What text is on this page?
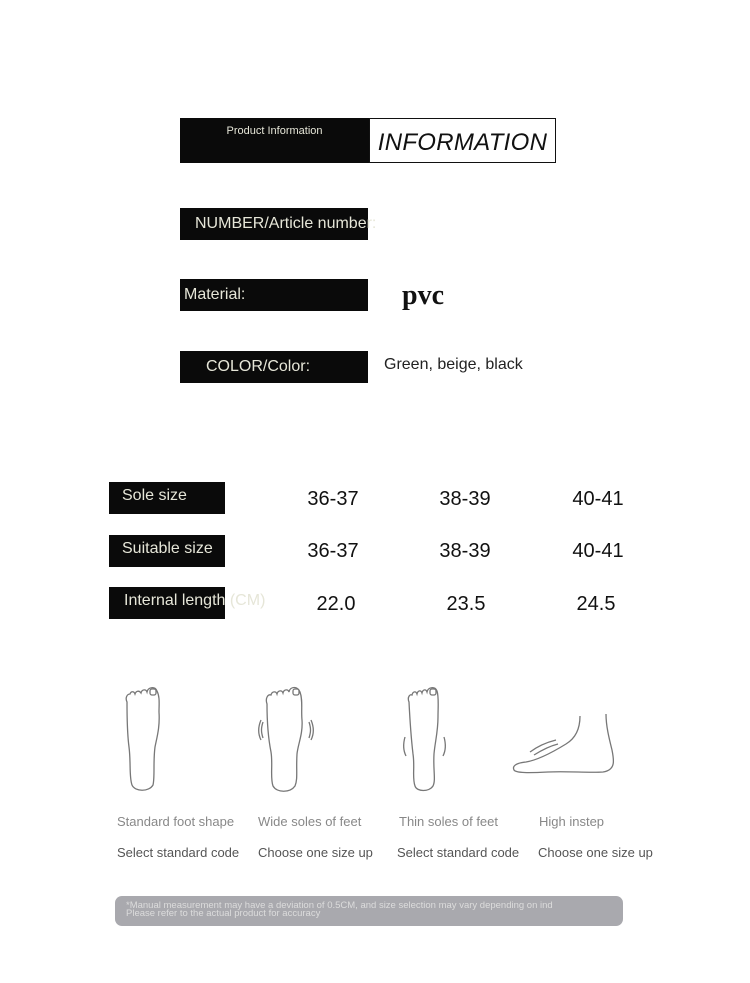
Product Information	INFORMATION
NUMBER/Article number:
Material:	pvc
COLOR/Color:	Green, beige, black
Sole size	36-37	38-39	40-41
Suitable size	36-37	38-39	40-41
Internal length (CM)	22.0	23.5	24.5
Standard foot shape
Select standard code
Wide soles of feet
Choose one size up
Thin soles of feet
Select standard code
High instep
Choose one size up
*Manual measurement may have a deviation of 0.5CM, and size selection may vary depending on ind
Please refer to the actual product for accuracy
